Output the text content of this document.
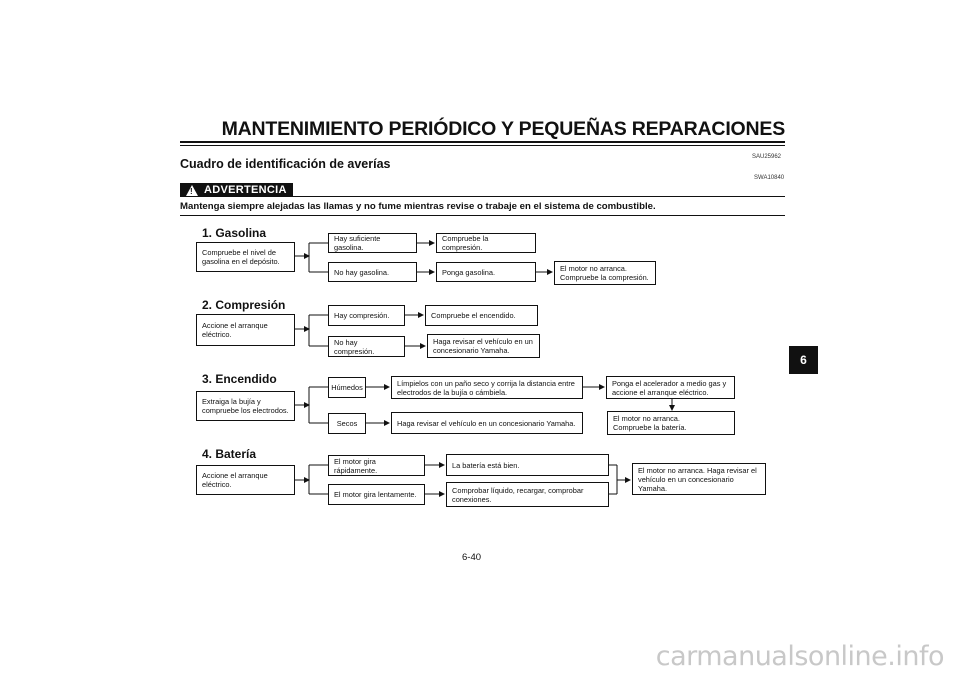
MANTENIMIENTO PERIÓDICO Y PEQUEÑAS REPARACIONES
6
SAU25962
Cuadro de identificación de averías
SWA10840
ADVERTENCIA
!
Mantenga siempre alejadas las llamas y no fume mientras revise o trabaje en el sistema de combustible.
1. Gasolina
Compruebe el nivel de
gasolina en el depósito.
Hay suficiente gasolina.
Compruebe la compresión.
No hay gasolina.	Ponga gasolina.	El motor no arranca.
Compruebe la compresión.
2. Compresión
Accione el arranque
eléctrico.
Hay compresión.	Compruebe el encendido.
No hay compresión.
Haga revisar el vehículo en un
concesionario Yamaha.
3. Encendido
Extraiga la bujía y
compruebe los electrodos.
Húmedos	Límpielos con un paño seco y corrija la distancia entre
electrodos de la bujía o cámbiela.
Ponga el acelerador a medio gas y
accione el arranque eléctrico.
El motor no arranca.
Compruebe la batería.
Secos	Haga revisar el vehículo en un concesionario Yamaha.
4. Batería
Accione el arranque
eléctrico.
El motor gira rápidamente.
La batería está bien.
El motor gira lentamente.	Comprobar líquido, recargar, comprobar
conexiones.
El motor no arranca. Haga revisar el
vehículo en un concesionario
Yamaha.
6-40
carmanualsonline.info
